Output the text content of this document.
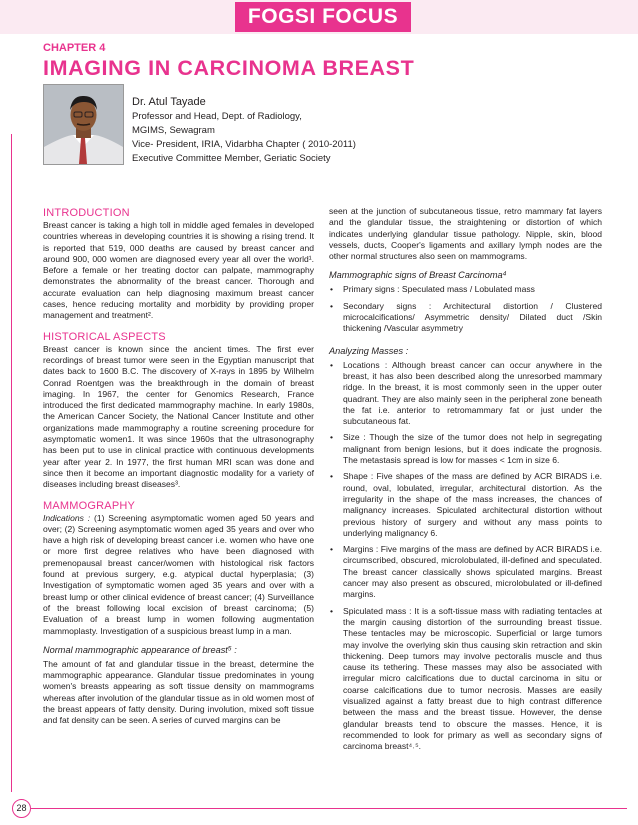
FOGSI FOCUS
CHAPTER 4
IMAGING IN CARCINOMA BREAST
Dr. Atul Tayade
Professor and Head, Dept. of Radiology,
MGIMS, Sewagram
Vice- President, IRIA, Vidarbha Chapter ( 2010-2011)
Executive Committee Member, Geriatic Society
INTRODUCTION

Breast cancer is taking a high toll in middle aged females in developed countries whereas in developing countries it is showing a rising trend. It is reported that 519, 000 deaths are caused by breast cancer and around 900, 000 women are diagnosed every year all over the world¹. Before a female or her treating doctor can palpate, mammography demonstrates the abnormality of the breast cancer. Thorough and accurate evaluation can help diagnosing maximum breast cancer cases, hence reducing mortality and morbidity by providing proper management and treatment².

HISTORICAL ASPECTS

Breast cancer is known since the ancient times. The first ever recordings of breast tumor were seen in the Egyptian manuscript that dates back to 1600 B.C. The discovery of X-rays in 1895 by Wilhelm Conrad Roentgen was the breakthrough in the domain of breast imaging. In 1967, the center for Genomics Research, France introduced the first dedicated mammography machine. In early 1980s, the American Cancer Society, the National Cancer Institute and other organizations made mammography a routine screening procedure for asymptomatic women1. It was since 1960s that the ultrasonography has been put to use in clinical practice with continuous developments year after year 2. In 1977, the first human MRI scan was done and since then it become an important diagnostic modality for a variety of diseases including breast diseases³.

MAMMOGRAPHY

Indications : (1) Screening asymptomatic women aged 50 years and over; (2) Screening asymptomatic women aged 35 years and over who have a high risk of developing breast cancer i.e. women who have one or more first degree relatives who have been diagnosed with premenopausal breast cancer/women with histological risk factors found at previous surgery, e.g. atypical ductal hyperplasia; (3) Investigation of symptomatic women aged 35 years and over with a breast lump or other clinical evidence of breast cancer; (4) Surveillance of the breast following local excision of breast carcinoma; (5) Evaluation of a breast lump in women following augmentation mammoplasty. Investigation of a suspicious breast lump in a man.

Normal mammographic appearance of breast⁵ :

The amount of fat and glandular tissue in the breast, determine the mammographic appearance. Glandular tissue predominates in young women's breasts appearing as soft tissue density on mammograms whereas after involution of the glandular tissue as in old women most of the breast appears of fatty density. During involution, mixed soft tissue and fat density can be seen. A series of curved margins can be

seen at the junction of subcutaneous tissue, retro mammary fat layers and the glandular tissue, the straightening or distortion of which indicates underlying glandular tissue pathology. Nipple, skin, blood vessels, ducts, Cooper's ligaments and axillary lymph nodes are the other normal structures also seen on mammograms.

Mammographic signs of Breast Carcinoma⁴

• Primary signs : Speculated mass / Lobulated mass
• Secondary signs : Architectural distortion / Clustered microcalcifications/ Asymmetric density/ Dilated duct /Skin thickening /Vascular asymmetry

Analyzing Masses :

• Locations : Although breast cancer can occur anywhere in the breast, it has also been described along the unresorbed mammary ridge. In the breast, it is most commonly seen in the upper outer quadrant. They are also mainly seen in the peripheral zone beneath the fat i.e. anterior to retromammary fat or just under the subcutaneous fat.
• Size : Though the size of the tumor does not help in segregating malignant from benign lesions, but it does indicate the prognosis. The metastasis spread is low for masses < 1cm in size 6.
• Shape : Five shapes of the mass are defined by ACR BIRADS i.e. round, oval, lobulated, irregular, architectural distortion. As the irregularity in the shape of the mass increases, the chances of malignancy increases. Spiculated architectural distortion without previous history of surgery and without any mass points to underlying malignancy 6.
• Margins : Five margins of the mass are defined by ACR BIRADS i.e. circumscribed, obscured, microlobulated, ill-defined and speculated. The breast cancer classically shows spiculated margins. Breast cancer may also present as obscured, microlobulated or ill-defined margins.
• Spiculated mass : It is a soft-tissue mass with radiating tentacles at the margin causing distortion of the surrounding breast tissue. These tentacles may be microscopic. Superficial or large tumors may involve the overlying skin thus causing skin retraction and skin thickening. Deep tumors may involve pectoralis muscle and thus cause its tethering. These masses may also be associated with irregular micro calcifications due to ductal carcinoma in situ or coarse calcifications due to tumor necrosis. Masses are easily visualized against a fatty breast due to high contrast difference between the mass and the breast tissue. However, the dense glandular breasts tend to obscure the masses. Hence, it is recommended to look for primary as well as secondary signs of carcinoma breast⁴˒⁵.
28
